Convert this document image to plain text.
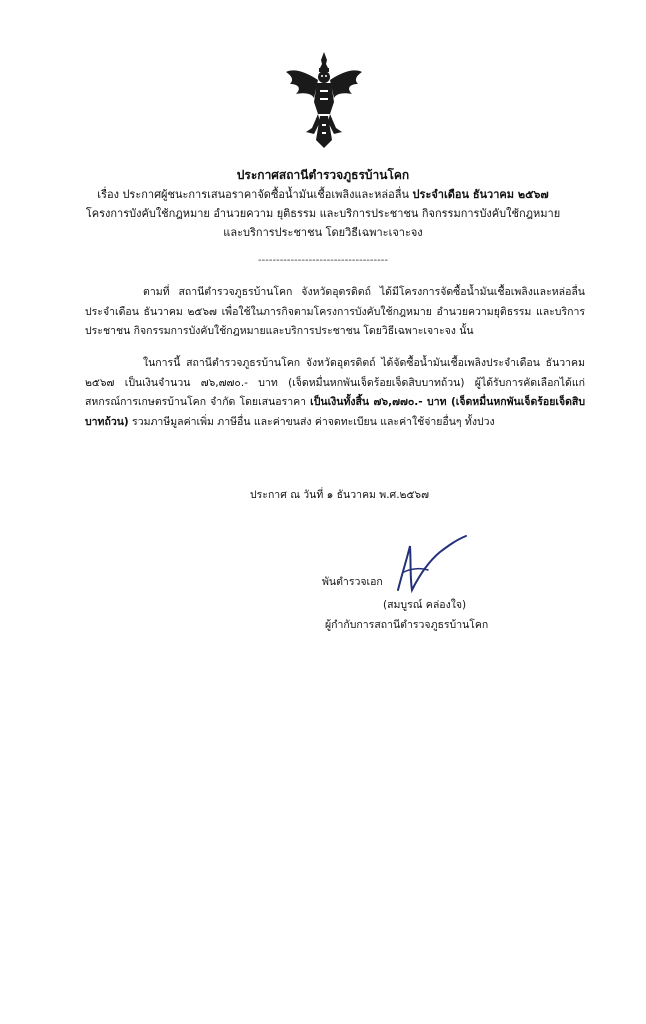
ประกาศสถานีตำรวจภูธรบ้านโคก
เรื่อง ประกาศผู้ชนะการเสนอราคาจัดซื้อน้ำมันเชื้อเพลิงและหล่อลื่น ประจำเดือน ธันวาคม ๒๕๖๗
โครงการบังคับใช้กฎหมาย อำนวยความ ยุติธรรม และบริการประชาชน กิจกรรมการบังคับใช้กฎหมาย
และบริการประชาชน โดยวิธีเฉพาะเจาะจง
------------------------------------
ตามที่ สถานีตำรวจภูธรบ้านโคก จังหวัดอุตรดิตถ์ ได้มีโครงการจัดซื้อน้ำมันเชื้อเพลิงและหล่อลื่น ประจำเดือน ธันวาคม ๒๕๖๗ เพื่อใช้ในภารกิจตามโครงการบังคับใช้กฎหมาย อำนวยความยุติธรรม และบริการประชาชน กิจกรรมการบังคับใช้กฎหมายและบริการประชาชน โดยวิธีเฉพาะเจาะจง นั้น
ในการนี้ สถานีตำรวจภูธรบ้านโคก จังหวัดอุตรดิตถ์ ได้จัดซื้อน้ำมันเชื้อเพลิงประจำเดือน ธันวาคม ๒๕๖๗ เป็นเงินจำนวน ๗๖,๗๗๐.- บาท (เจ็ดหมื่นหกพันเจ็ดร้อยเจ็ดสิบบาทถ้วน) ผู้ได้รับการคัดเลือกได้แก่ สหกรณ์การเกษตรบ้านโคก จำกัด โดยเสนอราคา เป็นเงินทั้งสิ้น ๗๖,๗๗๐.- บาท (เจ็ดหมื่นหกพันเจ็ดร้อยเจ็ดสิบบาทถ้วน) รวมภาษีมูลค่าเพิ่ม ภาษีอื่น และค่าขนส่ง ค่าจดทะเบียน และค่าใช้จ่ายอื่นๆ ทั้งปวง
ประกาศ ณ วันที่ ๑ ธันวาคม พ.ศ.๒๕๖๗
พันตำรวจเอก
(สมบูรณ์ คล่องใจ)
ผู้กำกับการสถานีตำรวจภูธรบ้านโคก
